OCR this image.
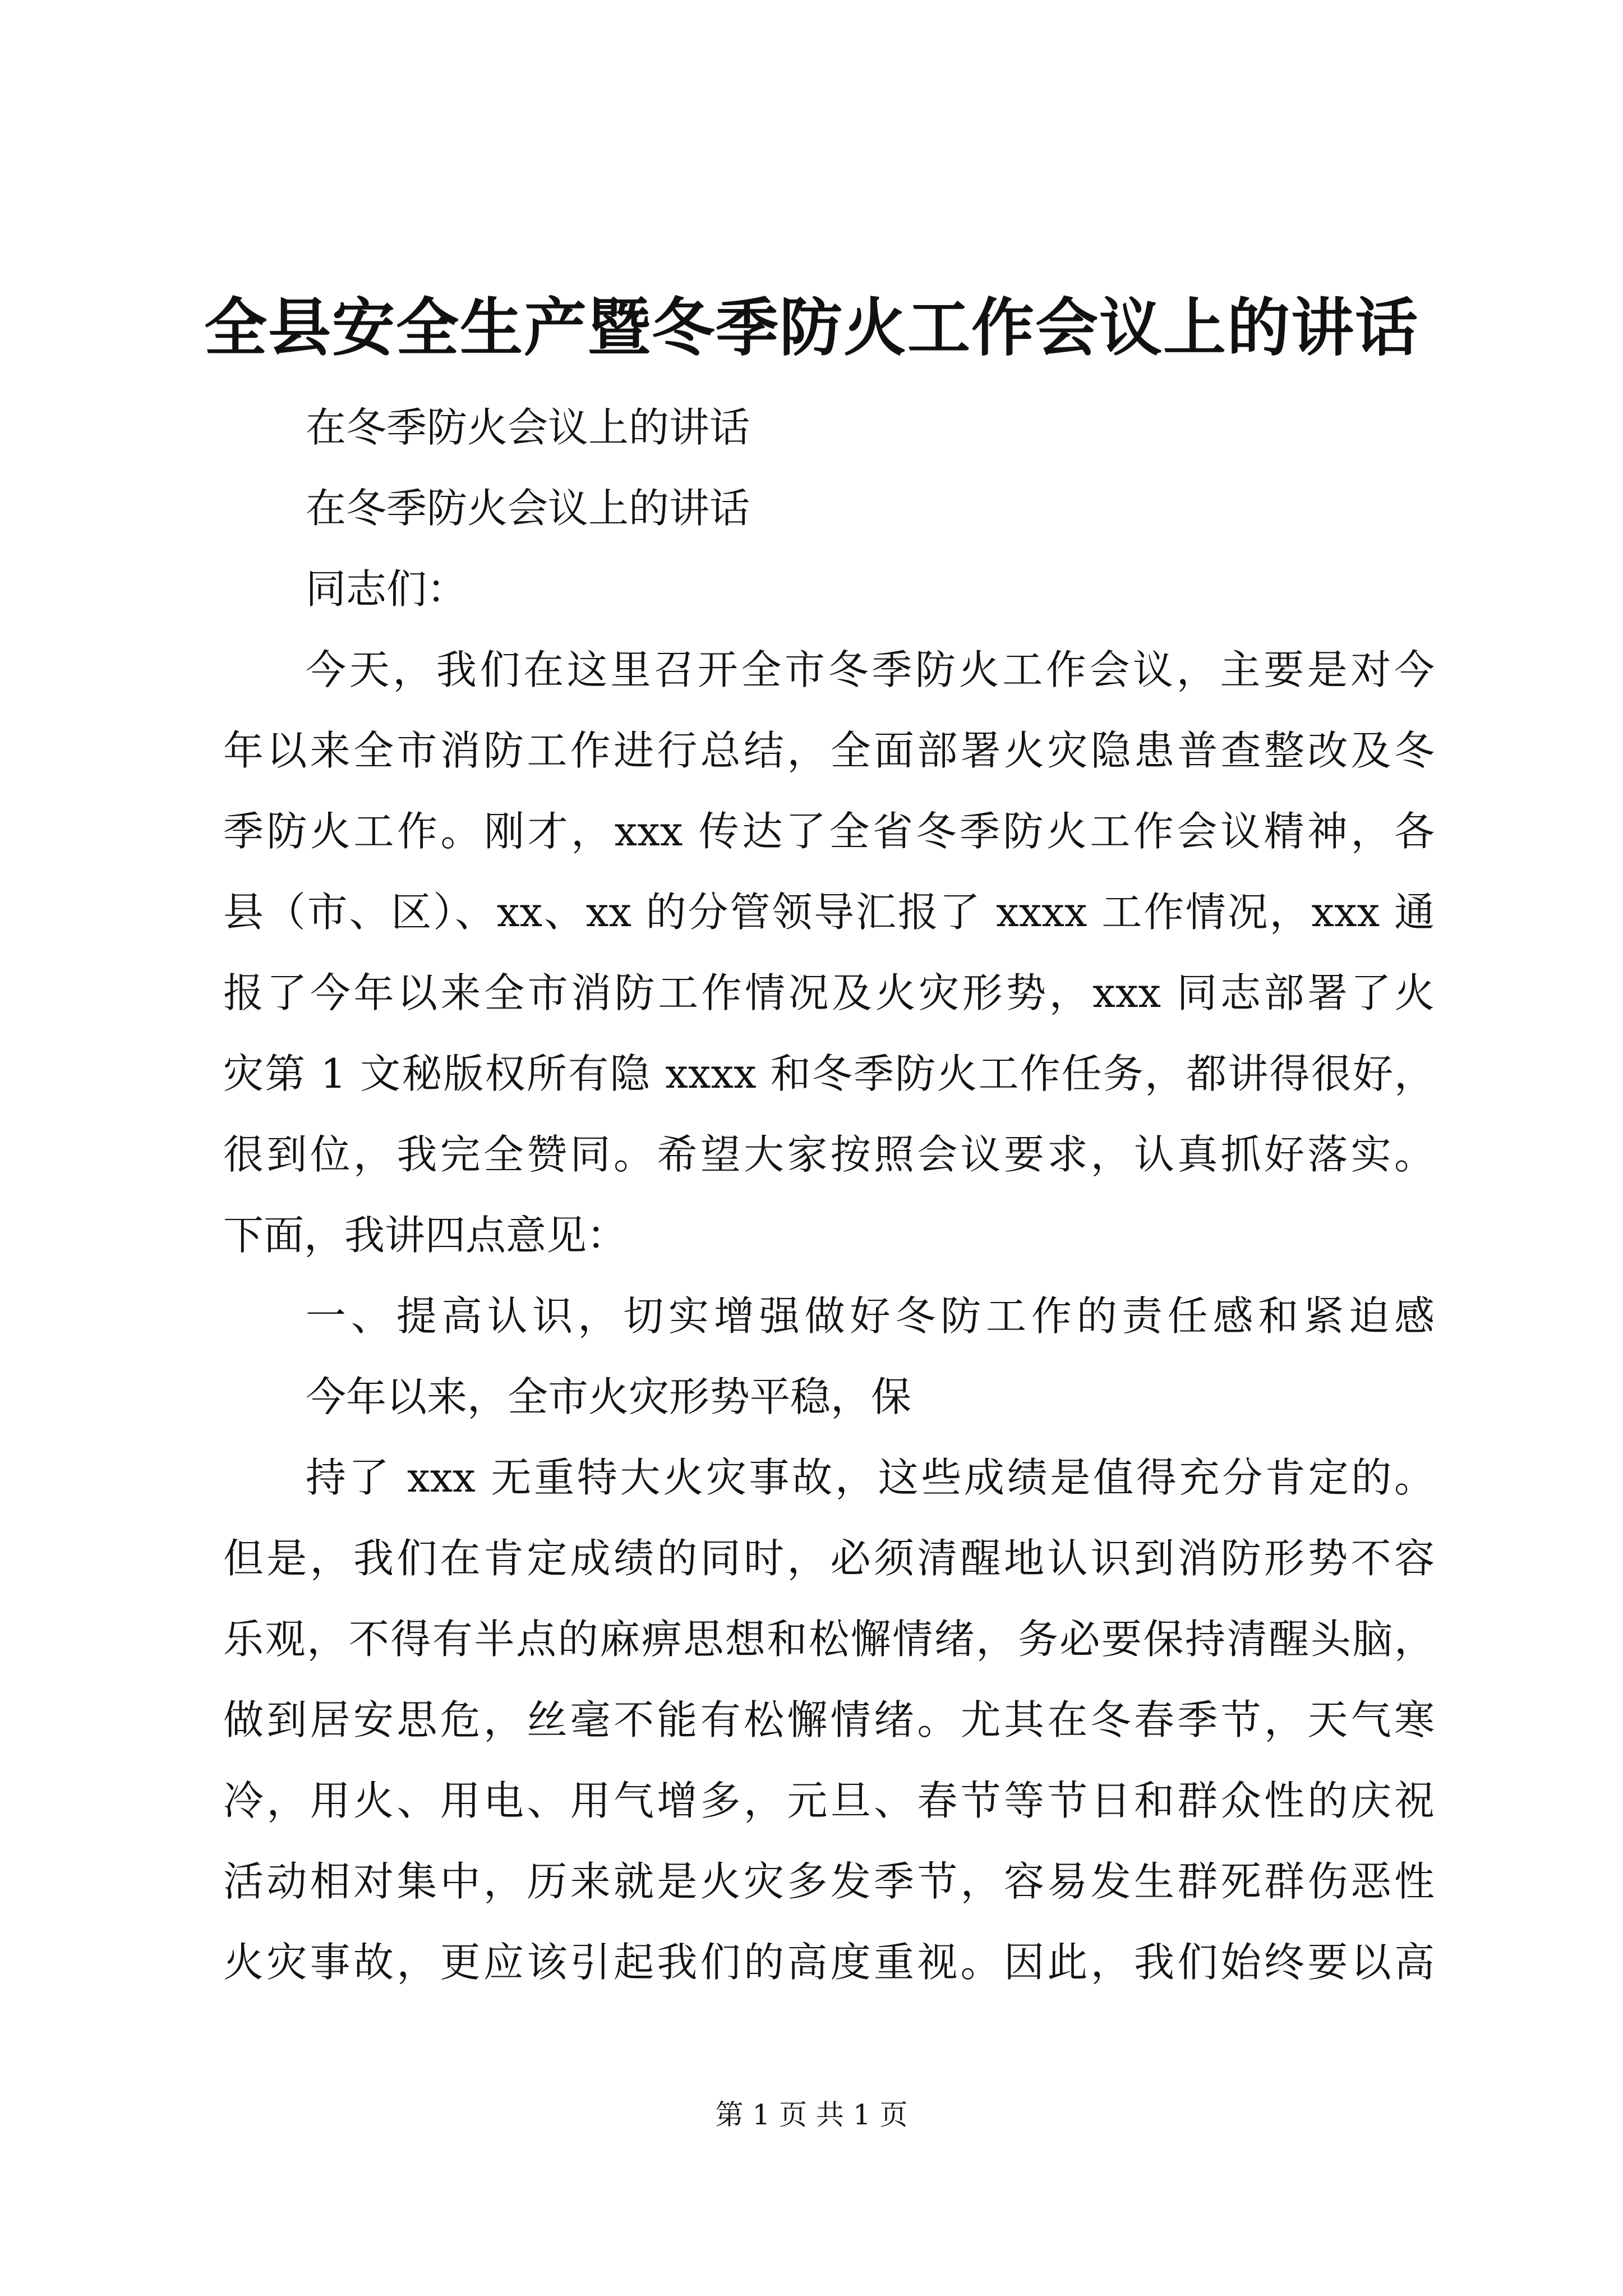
全县安全生产暨冬季防火工作会议上的讲话
在冬季防火会议上的讲话
在冬季防火会议上的讲话
同志们：
今天，我们在这里召开全市冬季防火工作会议，主要是对今
年以来全市消防工作进行总结，全面部署火灾隐患普查整改及冬
季防火工作。刚才，xxx 传达了全省冬季防火工作会议精神，各
县（市、区）、xx、xx 的分管领导汇报了 xxxx 工作情况，xxx 通
报了今年以来全市消防工作情况及火灾形势，xxx 同志部署了火
灾第 1 文秘版权所有隐 xxxx 和冬季防火工作任务，都讲得很好，
很到位，我完全赞同。希望大家按照会议要求，认真抓好落实。
下面，我讲四点意见：
一、提高认识，切实增强做好冬防工作的责任感和紧迫感
今年以来，全市火灾形势平稳，保
持了 xxx 无重特大火灾事故，这些成绩是值得充分肯定的。
但是，我们在肯定成绩的同时，必须清醒地认识到消防形势不容
乐观，不得有半点的麻痹思想和松懈情绪，务必要保持清醒头脑，
做到居安思危，丝毫不能有松懈情绪。尤其在冬春季节，天气寒
冷，用火、用电、用气增多，元旦、春节等节日和群众性的庆祝
活动相对集中，历来就是火灾多发季节，容易发生群死群伤恶性
火灾事故，更应该引起我们的高度重视。因此，我们始终要以高
第 1 页 共 1 页
